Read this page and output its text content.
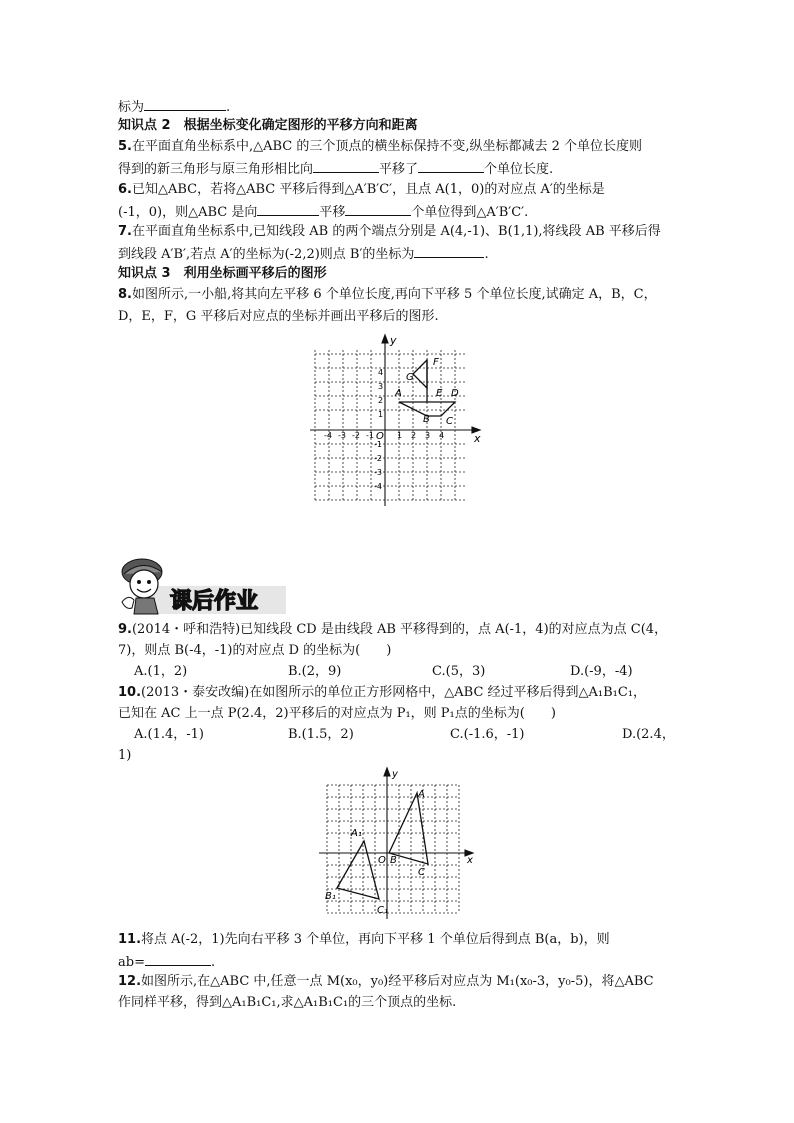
标为	.
知识点 2　根据坐标变化确定图形的平移方向和距离
5.在平面直角坐标系中,△ABC 的三个顶点的横坐标保持不变,纵坐标都减去 2 个单位长度则
得到的新三角形与原三角形相比向	平移了	个单位长度.
6.已知△ABC，若将△ABC 平移后得到△A′B′C′，且点 A(1，0)的对应点 A′的坐标是
(-1，0)，则△ABC 是向	平移	个单位得到△A′B′C′.
7.在平面直角坐标系中,已知线段 AB 的两个端点分别是 A(4,-1)、B(1,1),将线段 AB 平移后得
到线段 A′B′,若点 A′的坐标为(-2,2)则点 B′的坐标为	.
知识点 3　利用坐标画平移后的图形
8.如图所示,一小船,将其向左平移 6 个单位长度,再向下平移 5 个单位长度,试确定 A，B，C，
D，E，F，G 平移后对应点的坐标并画出平移后的图形.
x
y
O
-4 -3 -2 -1	1 2 3 4
4
3
2
1
-1
-2
-3
-4
A
B C
D
E
F
G
课后作业
9.(2014・呼和浩特)已知线段 CD 是由线段 AB 平移得到的，点 A(-1，4)的对应点为点 C(4，
7)，则点 B(-4，-1)的对应点 D 的坐标为(　　)
A.(1，2)	B.(2，9)	C.(5，3)	D.(-9，-4)
10.(2013・泰安改编)在如图所示的单位正方形网格中，△ABC 经过平移后得到△A₁B₁C₁，
已知在 AC 上一点 P(2.4，2)平移后的对应点为 P₁，则 P₁点的坐标为(　　)
A.(1.4，-1)	B.(1.5，2)	C.(-1.6，-1)	D.(2.4，
1)
x
y
O
A
B
C
A₁
B₁
C₁
11.将点 A(-2，1)先向右平移 3 个单位，再向下平移 1 个单位后得到点 B(a，b)，则
ab=	.
12.如图所示,在△ABC 中,任意一点 M(x₀，y₀)经平移后对应点为 M₁(x₀-3，y₀-5)，将△ABC
作同样平移，得到△A₁B₁C₁,求△A₁B₁C₁的三个顶点的坐标.
